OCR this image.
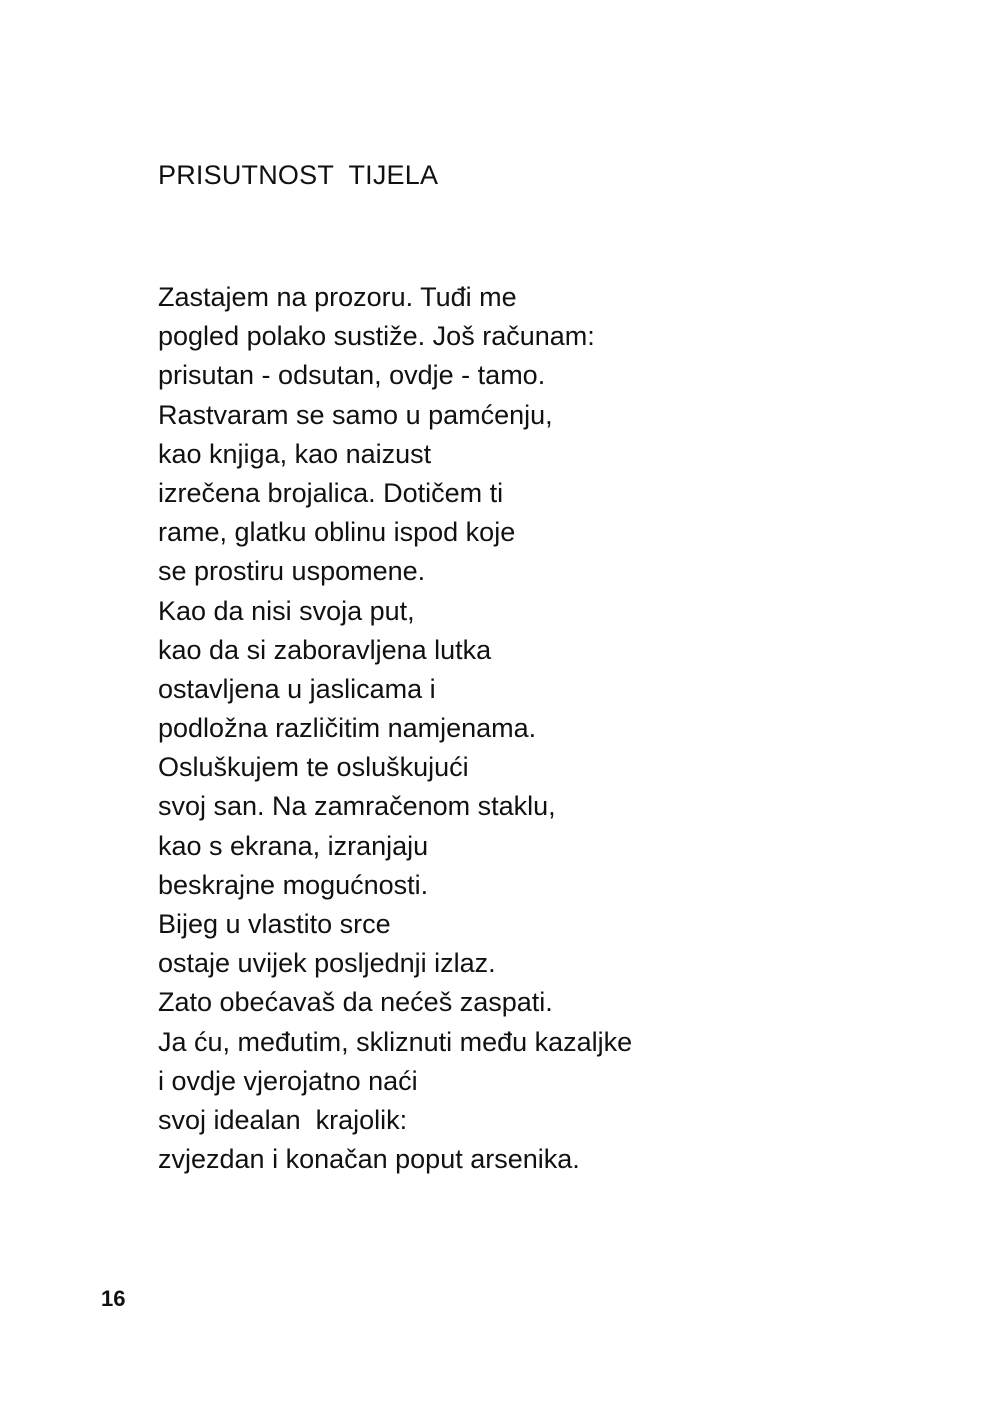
PRISUTNOST  TIJELA
Zastajem na prozoru. Tuđi me
pogled polako sustiže. Još računam:
prisutan - odsutan, ovdje - tamo.
Rastvaram se samo u pamćenju,
kao knjiga, kao naizust
izrečena brojalica. Dotičem ti
rame, glatku oblinu ispod koje
se prostiru uspomene.
Kao da nisi svoja put,
kao da si zaboravljena lutka
ostavljena u jaslicama i
podložna različitim namjenama.
Osluškujem te osluškujući
svoj san. Na zamračenom staklu,
kao s ekrana, izranjaju
beskrajne mogućnosti.
Bijeg u vlastito srce
ostaje uvijek posljednji izlaz.
Zato obećavaš da nećeš zaspati.
Ja ću, međutim, skliznuti među kazaljke
i ovdje vjerojatno naći
svoj idealan  krajolik:
zvjezdan i konačan poput arsenika.
16
